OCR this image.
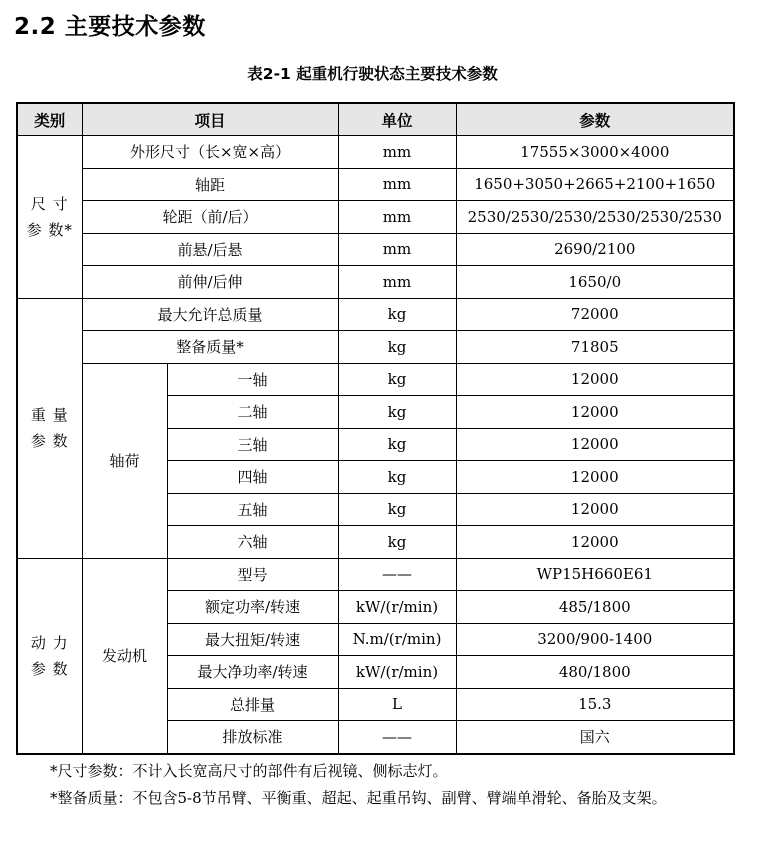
2.2 主要技术参数
表2-1 起重机行驶状态主要技术参数
类别	项目		单位	参数

尺 寸
参 数*	外形尺寸（长×宽×高）		mm	17555×3000×4000
	轴距		mm	1650+3050+2665+2100+1650
	轮距（前/后）		mm	2530/2530/2530/2530/2530/2530
	前悬/后悬		mm	2690/2100
	前伸/后伸		mm	1650/0

重 量
参 数	最大允许总质量		kg	72000
	整备质量*		kg	71805
	轴荷	一轴	kg	12000
		二轴	kg	12000
		三轴	kg	12000
		四轴	kg	12000
		五轴	kg	12000
		六轴	kg	12000

动 力
参 数	发动机	型号	——	WP15H660E61
		额定功率/转速	kW/(r/min)	485/1800
		最大扭矩/转速	N.m/(r/min)	3200/900-1400
		最大净功率/转速	kW/(r/min)	480/1800
		总排量	L	15.3
		排放标准	——	国六
*尺寸参数：不计入长宽高尺寸的部件有后视镜、侧标志灯。
*整备质量：不包含5-8节吊臂、平衡重、超起、起重吊钩、副臂、臂端单滑轮、备胎及支架。
